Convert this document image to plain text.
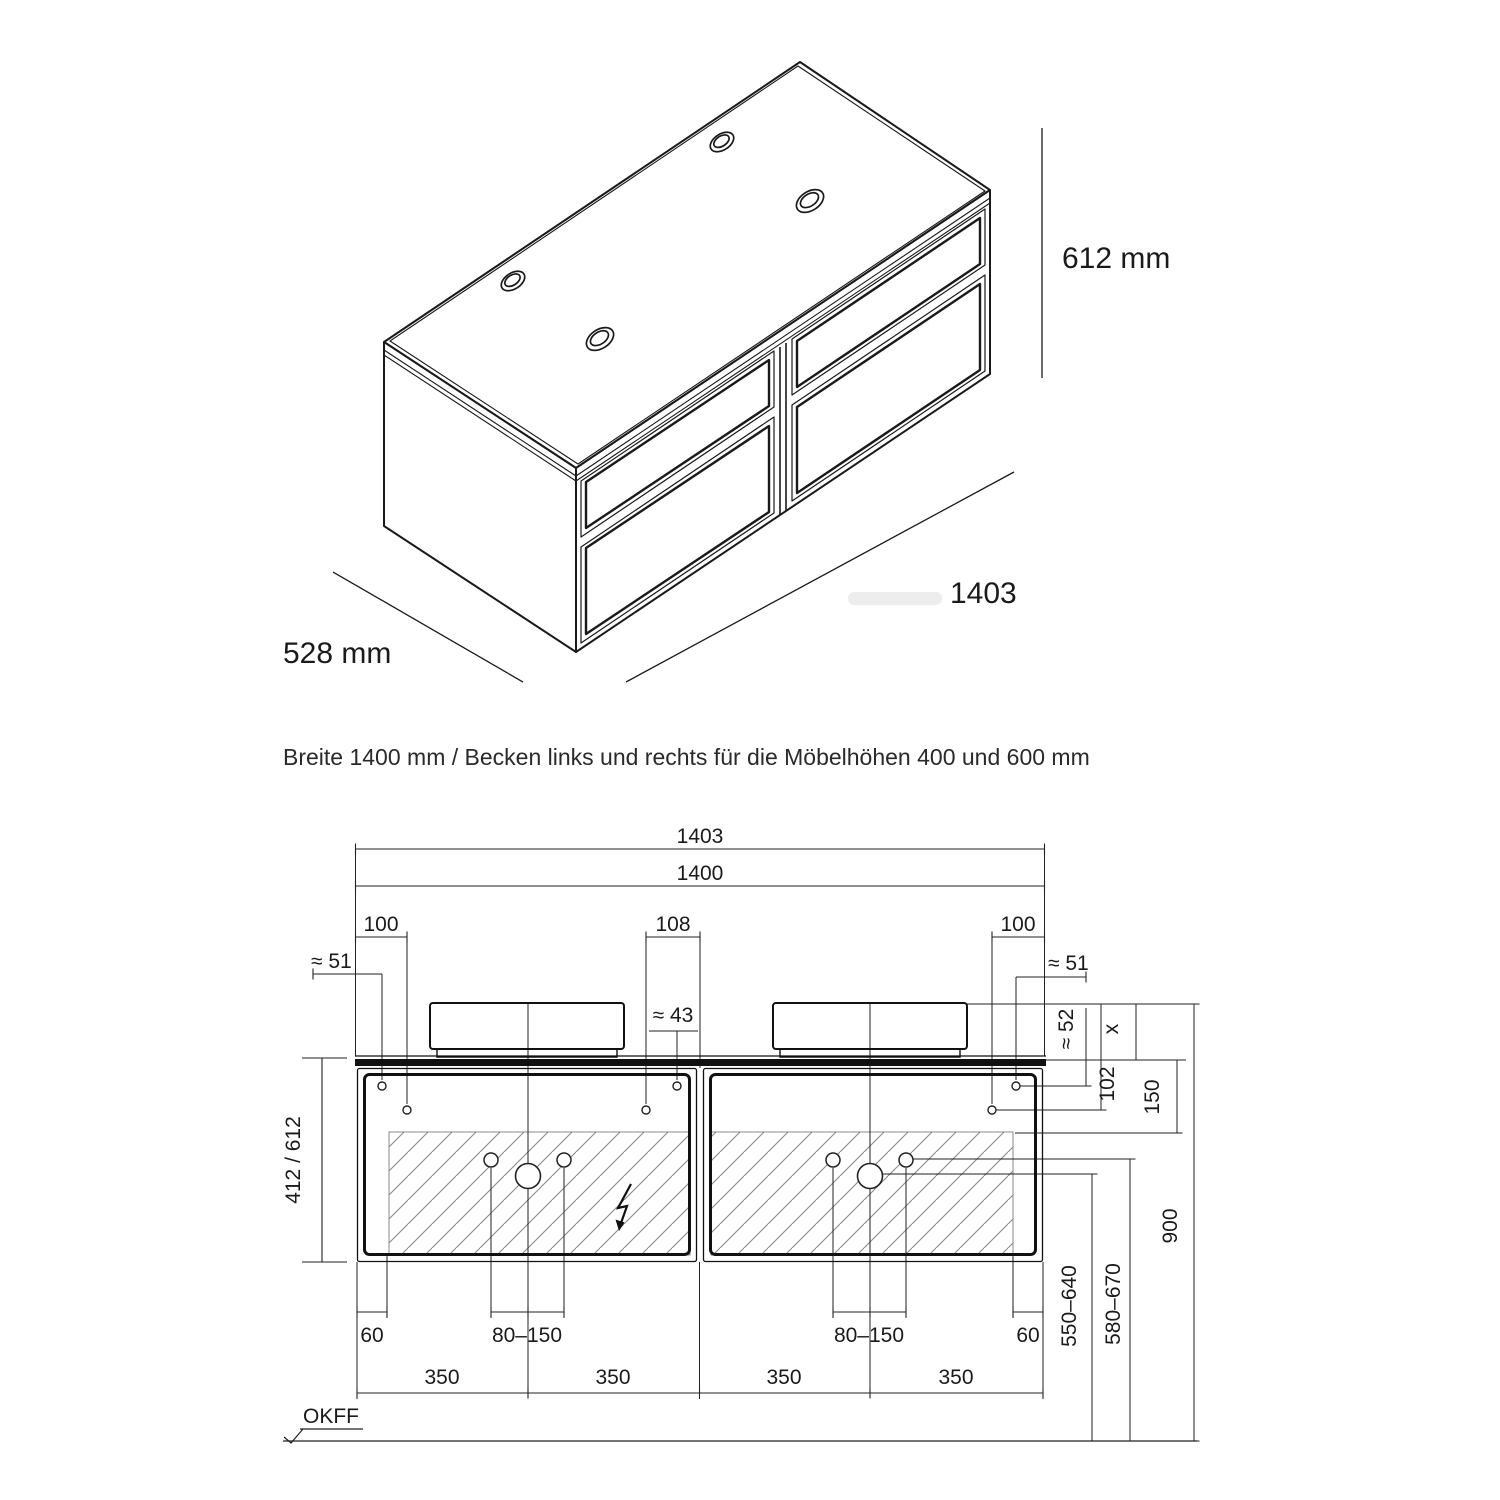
612 mm
528 mm
1403
Breite 1400 mm / Becken links und rechts für die Möbelhöhen 400 und 600 mm
1403
1400
100	108	100
≈ 51	≈ 51
≈ 43
412 / 612
≈ 52 x
102 150
900
550–640 580–670
60	80–150	80–150	60
350	350	350	350
OKFF
